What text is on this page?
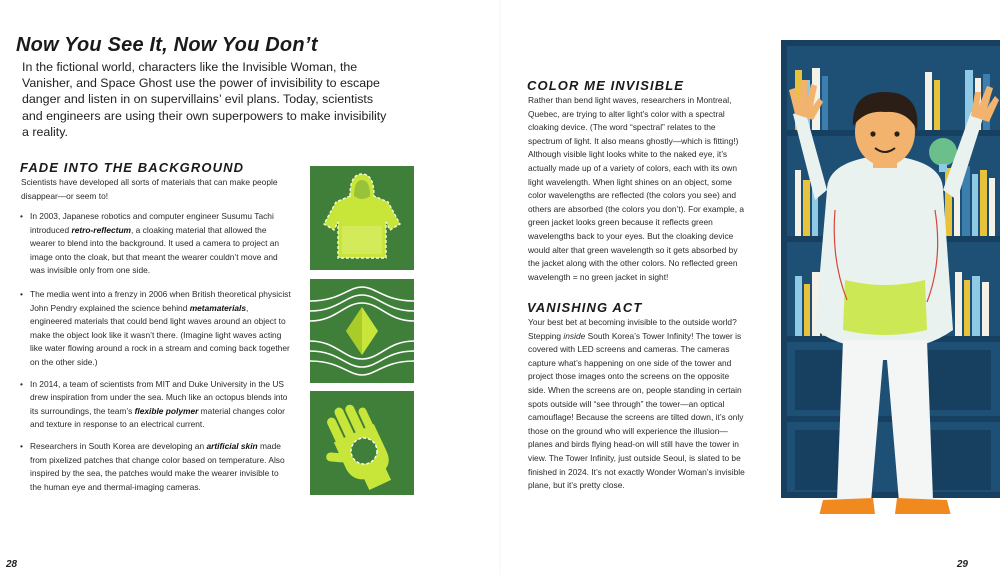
Now You See It, Now You Don’t

In the fictional world, characters like the Invisible Woman, the Vanisher, and Space Ghost use the power of invisibility to escape danger and listen in on supervillains’ evil plans. Today, scientists and engineers are using their own superpowers to make invisibility a reality.

FADE INTO THE BACKGROUND

Scientists have developed all sorts of materials that can make people disappear—or seem to!

• In 2003, Japanese robotics and computer engineer Susumu Tachi introduced retro-reflectum, a cloaking material that allowed the wearer to blend into the background. It used a camera to project an image onto the cloak, but that meant the wearer couldn’t move and was invisible only from one side.
• The media went into a frenzy in 2006 when British theoretical physicist John Pendry explained the science behind metamaterials, engineered materials that could bend light waves around an object to make the object look like it wasn’t there. (Imagine light waves acting like water flowing around a rock in a stream and coming back together on the other side.)
• In 2014, a team of scientists from MIT and Duke University in the US drew inspiration from under the sea. Much like an octopus blends into its surroundings, the team’s flexible polymer material changes color and texture in response to an electrical current.
• Researchers in South Korea are developing an artificial skin made from pixelized patches that change color based on temperature. Also inspired by the sea, the patches would make the wearer invisible to the human eye and thermal-imaging cameras.
28
COLOR ME INVISIBLE

Rather than bend light waves, researchers in Montreal, Quebec, are trying to alter light’s color with a spectral cloaking device. (The word “spectral” relates to the spectrum of light. It also means ghostly—which is fitting!) Although visible light looks white to the naked eye, it’s actually made up of a variety of colors, each with its own light wavelength. When light shines on an object, some color wavelengths are reflected (the colors you see) and others are absorbed (the colors you don’t). For example, a green jacket looks green because it reflects green wavelengths back to your eyes. But the cloaking device would alter that green wavelength so it gets absorbed by the jacket along with the other colors. No reflected green wavelength = no green jacket in sight!

VANISHING ACT

Your best bet at becoming invisible to the outside world? Stepping inside South Korea’s Tower Infinity! The tower is covered with LED screens and cameras. The cameras capture what’s happening on one side of the tower and project those images onto the screens on the opposite side. When the screens are on, people standing in certain spots outside will “see through” the tower—an optical camouflage! Because the screens are tilted down, it’s only those on the ground who will experience the illusion—planes and birds flying head-on will still have the tower in view. The Tower Infinity, just outside Seoul, is slated to be finished in 2024. It’s not exactly Wonder Woman’s invisible plane, but it’s pretty close.

29
